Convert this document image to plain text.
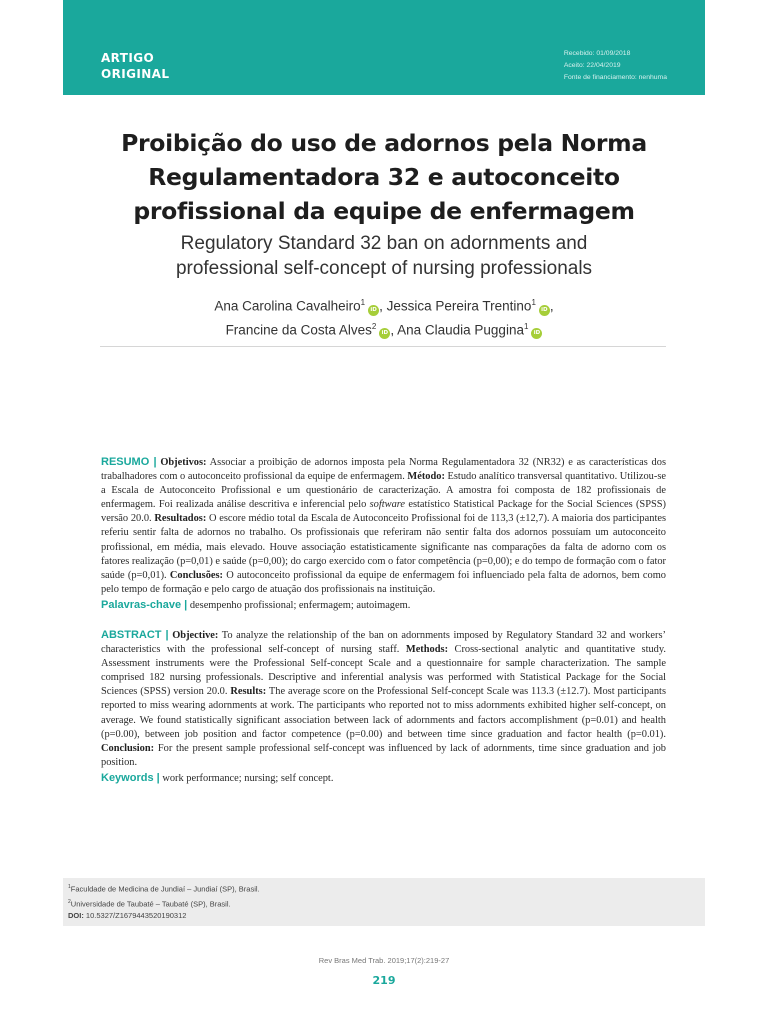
ARTIGO
ORIGINAL
Recebido: 01/09/2018
Aceito: 22/04/2019
Fonte de financiamento: nenhuma
Proibição do uso de adornos pela Norma
Regulamentadora 32 e autoconceito
profissional da equipe de enfermagem
Regulatory Standard 32 ban on adornments and
professional self-concept of nursing professionals
Ana Carolina Cavalheiro$^1$iD , Jessica Pereira Trentino$^1$iD ,
Francine da Costa Alves$^2$iD , Ana Claudia Puggina$^1$iD
RESUMO | Objetivos: Associar a proibição de adornos imposta pela Norma Regulamentadora 32 (NR32) e as características dos trabalhadores com o autoconceito profissional da equipe de enfermagem. Método: Estudo analítico transversal quantitativo. Utilizou-se a Escala de Autoconceito Profissional e um questionário de caracterização. A amostra foi composta de 182 profissionais de enfermagem. Foi realizada análise descritiva e inferencial pelo software estatístico Statistical Package for the Social Sciences (SPSS) versão 20.0. Resultados: O escore médio total da Escala de Autoconceito Profissional foi de 113,3 (±12,7). A maioria dos participantes referiu sentir falta de adornos no trabalho. Os profissionais que referiram não sentir falta dos adornos possuíam um autoconceito profissional, em média, mais elevado. Houve associação estatisticamente significante nas comparações da falta de adorno com os fatores realização (p=0,01) e saúde (p=0,00); do cargo exercido com o fator competência (p=0,00); e do tempo de formação com o fator saúde (p=0,01). Conclusões: O autoconceito profissional da equipe de enfermagem foi influenciado pela falta de adornos, bem como pelo tempo de formação e pelo cargo de atuação dos profissionais na instituição.
Palavras-chave | desempenho profissional; enfermagem; autoimagem.
ABSTRACT | Objective: To analyze the relationship of the ban on adornments imposed by Regulatory Standard 32 and workers’ characteristics with the professional self-concept of nursing staff. Methods: Cross-sectional analytic and quantitative study. Assessment instruments were the Professional Self-concept Scale and a questionnaire for sample characterization. The sample comprised 182 nursing professionals. Descriptive and inferential analysis was performed with Statistical Package for the Social Sciences (SPSS) version 20.0. Results: The average score on the Professional Self-concept Scale was 113.3 (±12.7). Most participants reported to miss wearing adornments at work. The participants who reported not to miss adornments exhibited higher self-concept, on average. We found statistically significant association between lack of adornments and factors accomplishment (p=0.01) and health (p=0.00), between job position and factor competence (p=0.00) and between time since graduation and factor health (p=0.01). Conclusion: For the present sample professional self-concept was influenced by lack of adornments, time since graduation and job position.
Keywords | work performance; nursing; self concept.
$^1$Faculdade de Medicina de Jundiaí – Jundiaí (SP), Brasil.
$^2$Universidade de Taubaté – Taubaté (SP), Brasil.
DOI: 10.5327/Z1679443520190312
Rev Bras Med Trab. 2019;17(2):219-27
219
